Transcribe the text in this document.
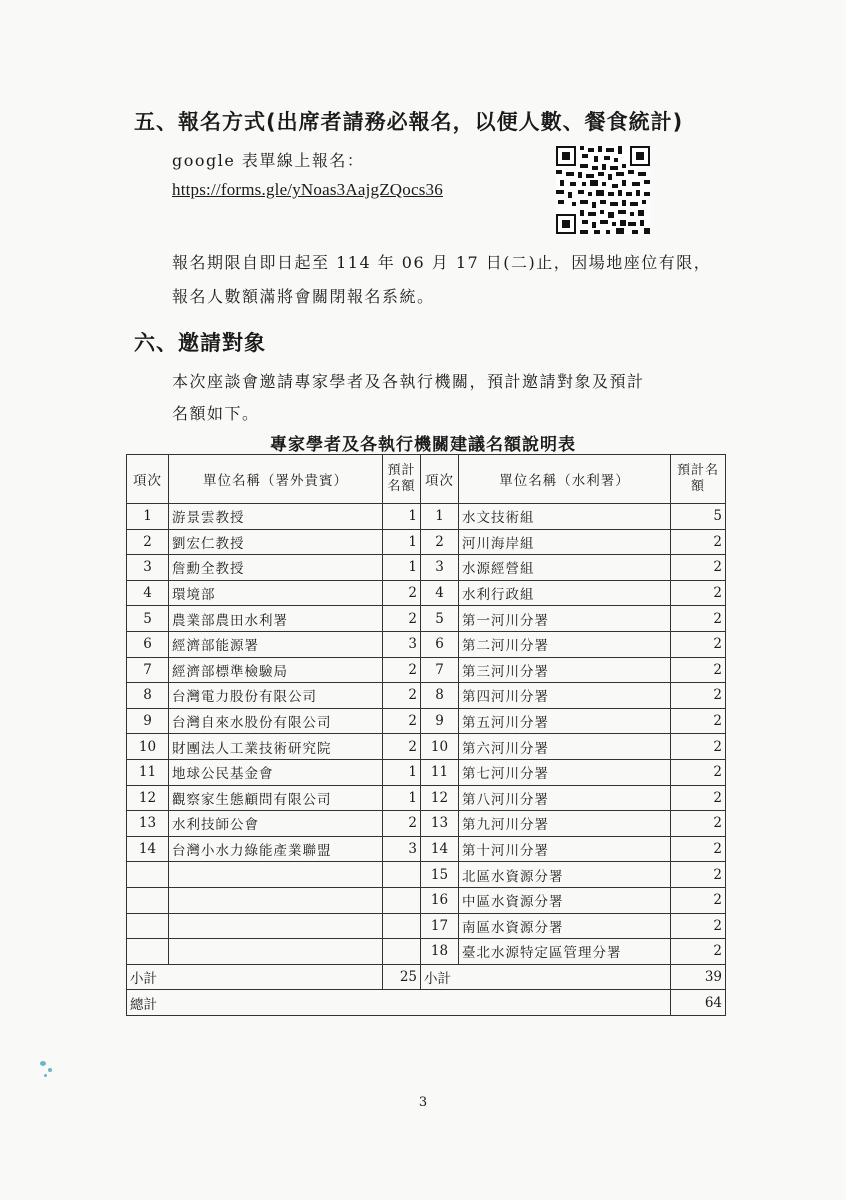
五、報名方式(出席者請務必報名，以便人數、餐食統計)
google 表單線上報名：
https://forms.gle/yNoas3AajgZQocs36
報名期限自即日起至 114 年 06 月 17 日(二)止，因場地座位有限，
報名人數額滿將會關閉報名系統。
六、邀請對象
本次座談會邀請專家學者及各執行機關，預計邀請對象及預計
名額如下。
專家學者及各執行機關建議名額說明表
項次	單位名稱（署外貴賓）	預計名額	項次	單位名稱（水利署）	預計名額
1	游景雲教授	1	1	水文技術組	5
2	劉宏仁教授	1	2	河川海岸組	2
3	詹勳全教授	1	3	水源經營組	2
4	環境部	2	4	水利行政組	2
5	農業部農田水利署	2	5	第一河川分署	2
6	經濟部能源署	3	6	第二河川分署	2
7	經濟部標準檢驗局	2	7	第三河川分署	2
8	台灣電力股份有限公司	2	8	第四河川分署	2
9	台灣自來水股份有限公司	2	9	第五河川分署	2
10	財團法人工業技術研究院	2	10	第六河川分署	2
11	地球公民基金會	1	11	第七河川分署	2
12	觀察家生態顧問有限公司	1	12	第八河川分署	2
13	水利技師公會	2	13	第九河川分署	2
14	台灣小水力綠能產業聯盟	3	14	第十河川分署	2
			15	北區水資源分署	2
			16	中區水資源分署	2
			17	南區水資源分署	2
			18	臺北水源特定區管理分署	2
小計		25	小計		39
總計					64
3
